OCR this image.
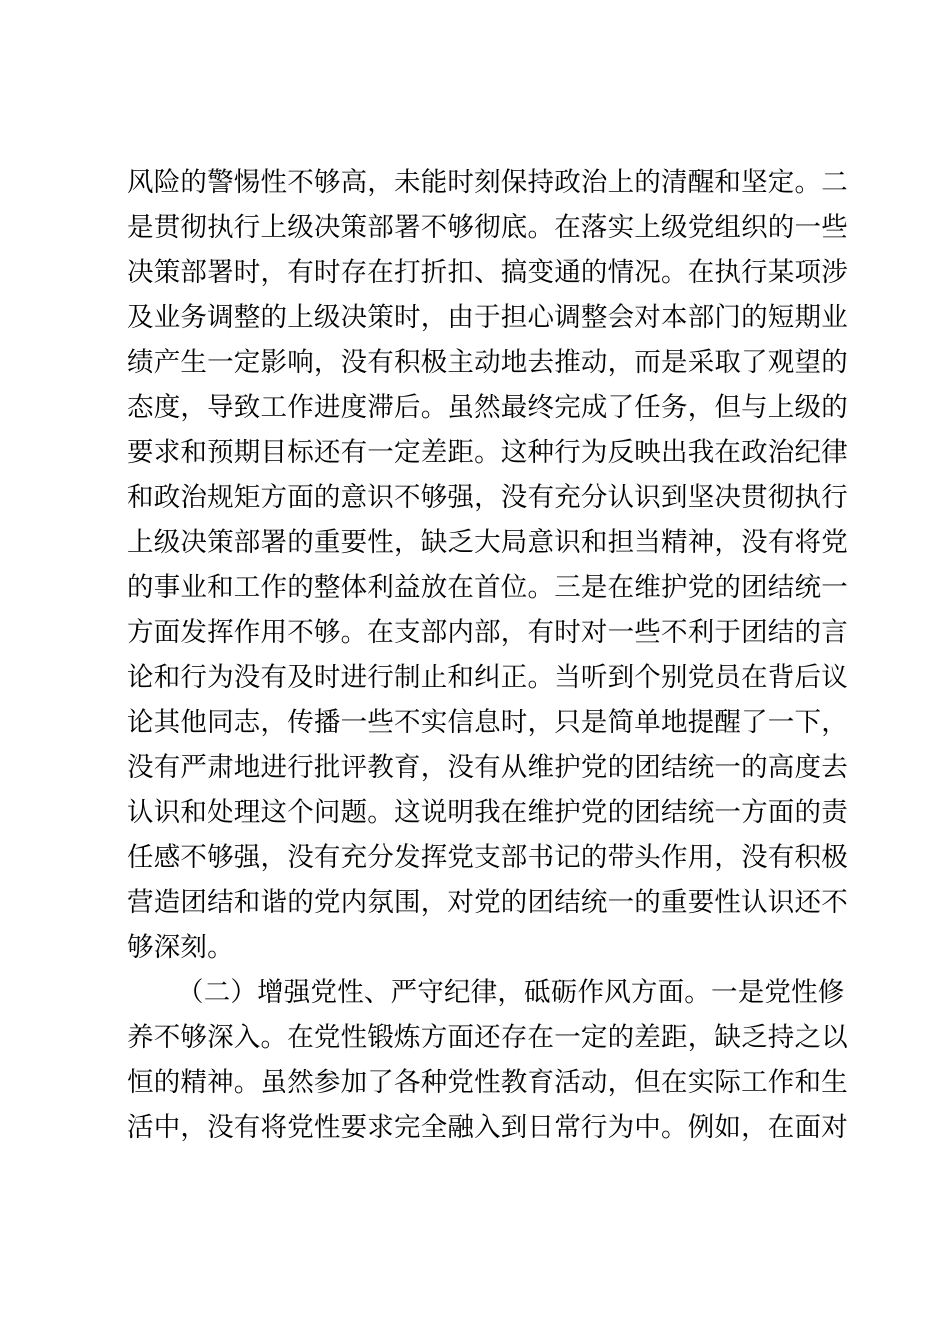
风险的警惕性不够高，未能时刻保持政治上的清醒和坚定。二
是贯彻执行上级决策部署不够彻底。在落实上级党组织的一些
决策部署时，有时存在打折扣、搞变通的情况。在执行某项涉
及业务调整的上级决策时，由于担心调整会对本部门的短期业
绩产生一定影响，没有积极主动地去推动，而是采取了观望的
态度，导致工作进度滞后。虽然最终完成了任务，但与上级的
要求和预期目标还有一定差距。这种行为反映出我在政治纪律
和政治规矩方面的意识不够强，没有充分认识到坚决贯彻执行
上级决策部署的重要性，缺乏大局意识和担当精神，没有将党
的事业和工作的整体利益放在首位。三是在维护党的团结统一
方面发挥作用不够。在支部内部，有时对一些不利于团结的言
论和行为没有及时进行制止和纠正。当听到个别党员在背后议
论其他同志，传播一些不实信息时，只是简单地提醒了一下，
没有严肃地进行批评教育，没有从维护党的团结统一的高度去
认识和处理这个问题。这说明我在维护党的团结统一方面的责
任感不够强，没有充分发挥党支部书记的带头作用，没有积极
营造团结和谐的党内氛围，对党的团结统一的重要性认识还不
够深刻。
（二）增强党性、严守纪律，砥砺作风方面。一是党性修
养不够深入。在党性锻炼方面还存在一定的差距，缺乏持之以
恒的精神。虽然参加了各种党性教育活动，但在实际工作和生
活中，没有将党性要求完全融入到日常行为中。例如，在面对
